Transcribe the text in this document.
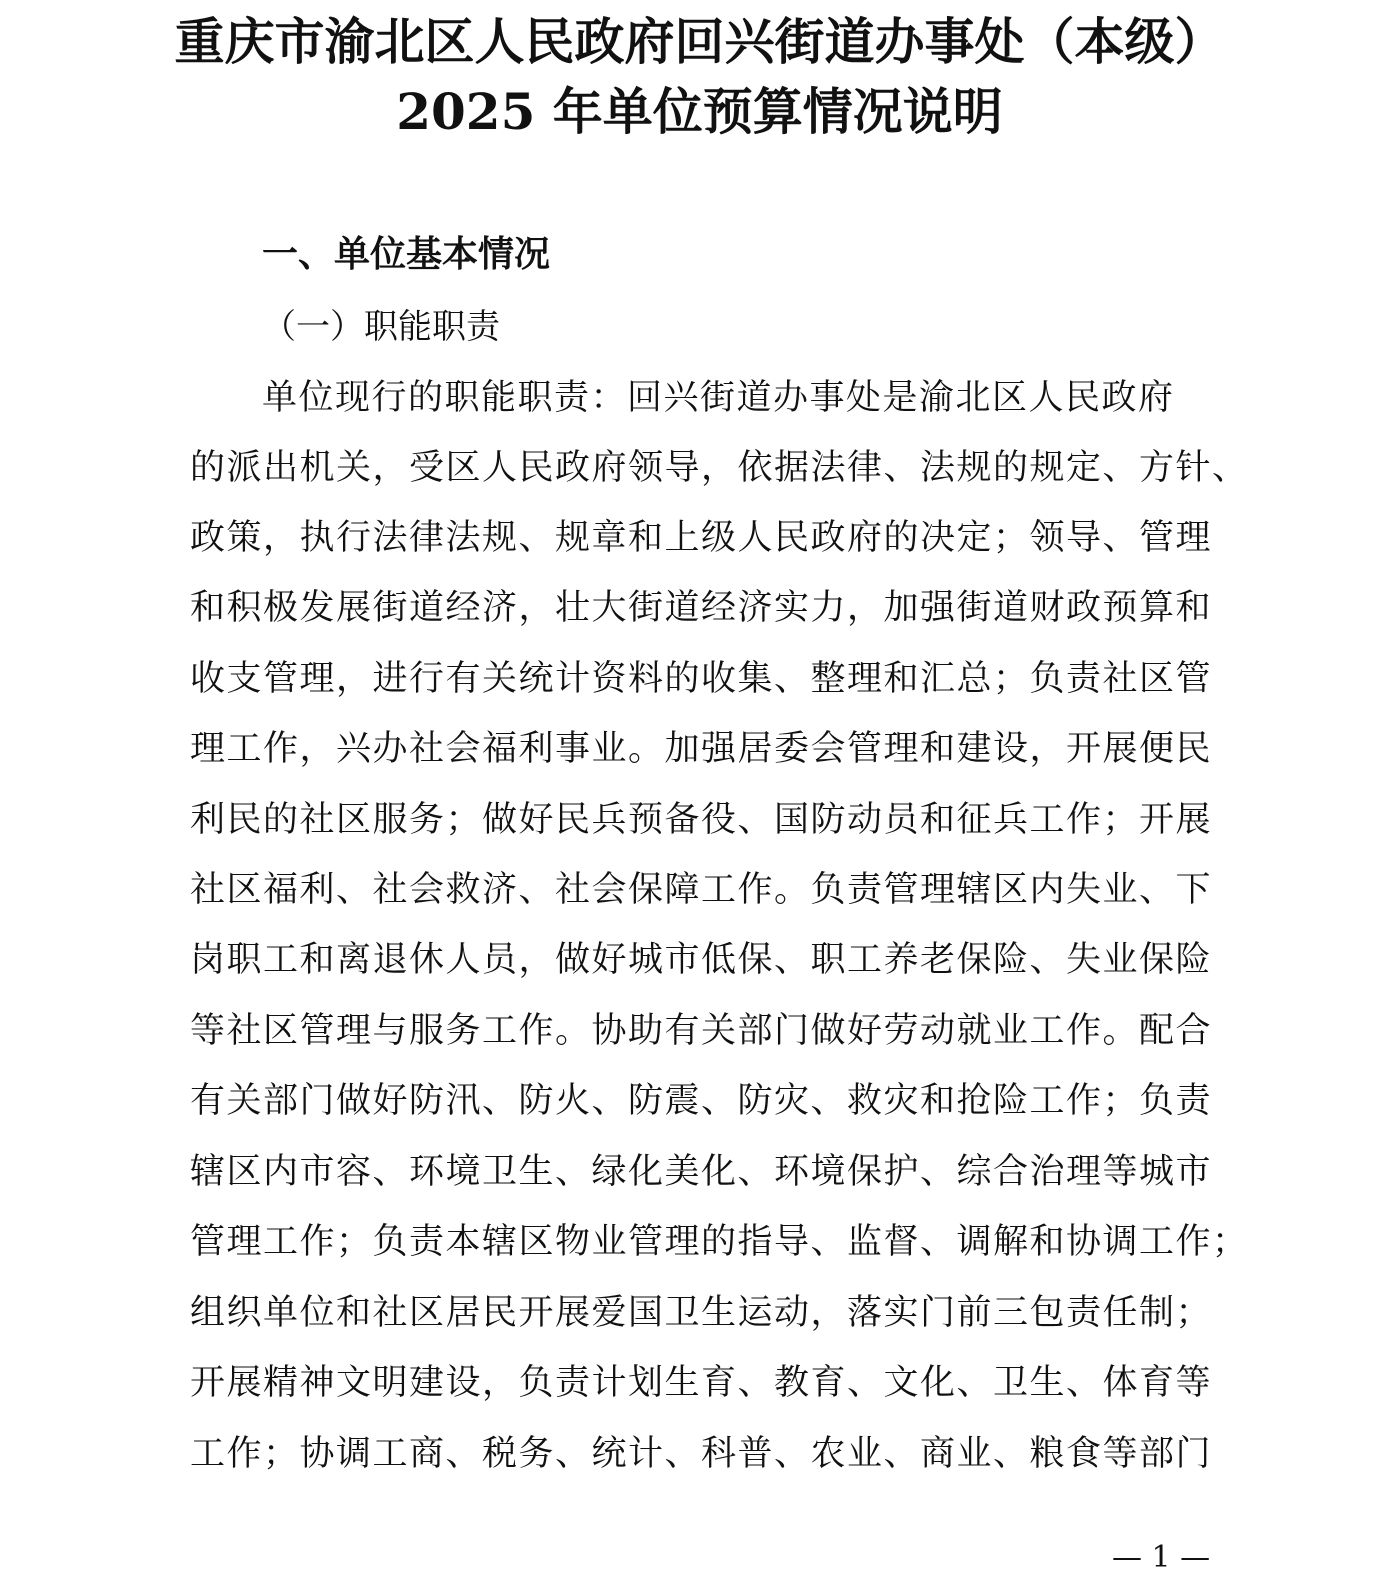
重庆市渝北区人民政府回兴街道办事处（本级）
2025 年单位预算情况说明
一、单位基本情况
（一）职能职责
单位现行的职能职责：回兴街道办事处是渝北区人民政府
的派出机关，受区人民政府领导，依据法律、法规的规定、方针、
政策，执行法律法规、规章和上级人民政府的决定；领导、管理
和积极发展街道经济，壮大街道经济实力，加强街道财政预算和
收支管理，进行有关统计资料的收集、整理和汇总；负责社区管
理工作，兴办社会福利事业。加强居委会管理和建设，开展便民
利民的社区服务；做好民兵预备役、国防动员和征兵工作；开展
社区福利、社会救济、社会保障工作。负责管理辖区内失业、下
岗职工和离退休人员，做好城市低保、职工养老保险、失业保险
等社区管理与服务工作。协助有关部门做好劳动就业工作。配合
有关部门做好防汛、防火、防震、防灾、救灾和抢险工作；负责
辖区内市容、环境卫生、绿化美化、环境保护、综合治理等城市
管理工作；负责本辖区物业管理的指导、监督、调解和协调工作；
组织单位和社区居民开展爱国卫生运动，落实门前三包责任制；
开展精神文明建设，负责计划生育、教育、文化、卫生、体育等
工作；协调工商、税务、统计、科普、农业、商业、粮食等部门
— 1 —
